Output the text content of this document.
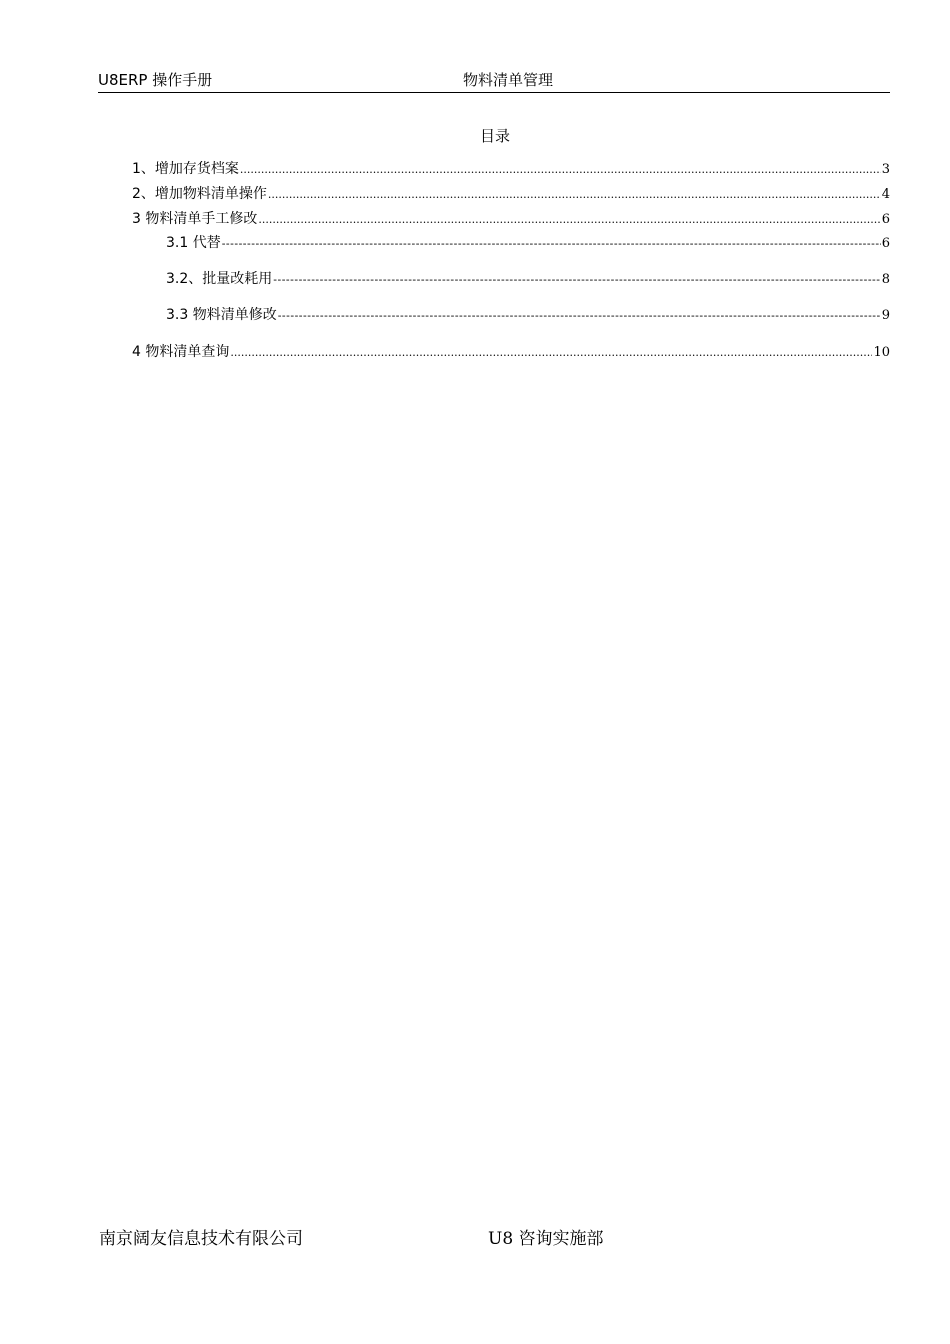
U8ERP 操作手册	物料清单管理
目录
1、增加存货档案 .....	3
2、增加物料清单操作 .....	4
3 物料清单手工修改 .....	6
3.1 代替 -----	6
3.2、批量改耗用 -----	8
3.3 物料清单修改 -----	9
4 物料清单查询 .....	10
南京阔友信息技术有限公司	U8 咨询实施部
